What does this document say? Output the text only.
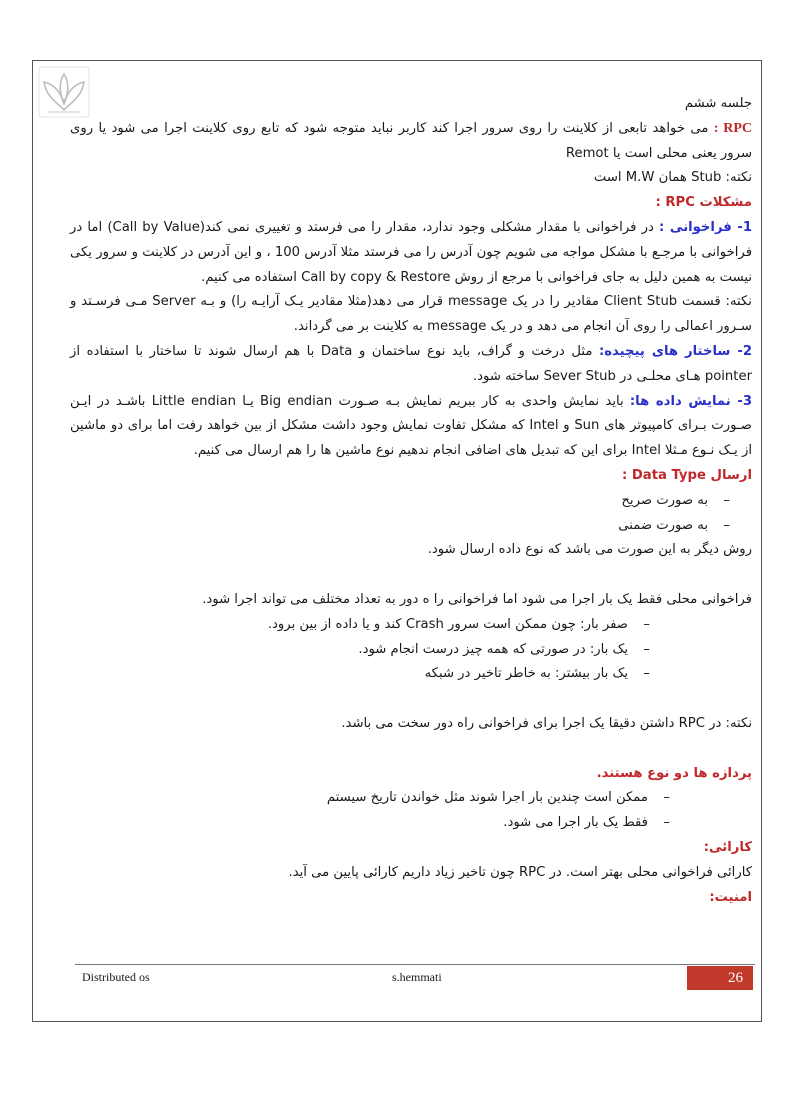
جلسه ششم

RPC : می خواهد تابعی از کلاینت را روی سرور اجرا کند کاربر نباید متوجه شود که تابع روی کلاینت اجرا می شود یا روی سرور یعنی محلی است یا Remot

نکته: Stub همان M.W است

مشکلات RPC :

1- فراخوانی : در فراخوانی با مقدار مشکلی وجود ندارد، مقدار را می فرستد و تغییری نمی کند(Call by Value) اما در فراخوانی با مرجـع با مشکل مواجه می شویم چون آدرس را می فرستد مثلا آدرس 100 ، و این آدرس در کلاینت و سرور یکی نیست به همین دلیل به جای فراخوانی با مرجع از روش Call by copy & Restore استفاده می کنیم.

نکته: قسمت Client Stub مقادیر را در یک message قرار می دهد(مثلا مقادیر یـک آرایـه را) و بـه Server مـی فرسـتد و سـرور اعمالی را روی آن انجام می دهد و در یک message به کلاینت بر می گرداند.

2- ساختار های پیچیده: مثل درخت و گراف، باید نوع ساختمان و Data با هم ارسال شوند تا ساختار با استفاده از pointer هـای محلـی در Sever Stub ساخته شود.

3- نمایش داده ها: باید نمایش واحدی به کار ببریم نمایش بـه صـورت Big endian یـا Little endian باشـد در ایـن صـورت بـرای کامپیوتر های Sun و Intel که مشکل تفاوت نمایش وجود داشت مشکل از بین خواهد رفت اما برای دو ماشین از یـک نـوع مـثلا Intel برای این که تبدیل های اضافی انجام ندهیم نوع ماشین ها را هم ارسال می کنیم.

ارسال Data Type :

– به صورت صریح
– به صورت ضمنی

روش دیگر به این صورت می باشد که نوع داده ارسال شود.

فراخوانی محلی فقط یک بار اجرا می شود اما فراخوانی را ه دور به تعداد مختلف می تواند اجرا شود.

– صفر بار: چون ممکن است سرور Crash کند و یا داده از بین برود.
– یک بار: در صورتی که همه چیز درست انجام شود.
– یک بار بیشتر: به خاطر تاخیر در شبکه

نکته: در RPC داشتن دقیقا یک اجرا برای فراخوانی راه دور سخت می باشد.

پردازه ها دو نوع هستند.

– ممکن است چندین بار اجرا شوند مثل خواندن تاریخ سیستم
– فقط یک بار اجرا می شود.

کارائی:

کارائی فراخوانی محلی بهتر است. در RPC چون تاخیر زیاد داریم کارائی پایین می آید.

امنیت:

Distributed os	s.hemmati	26
